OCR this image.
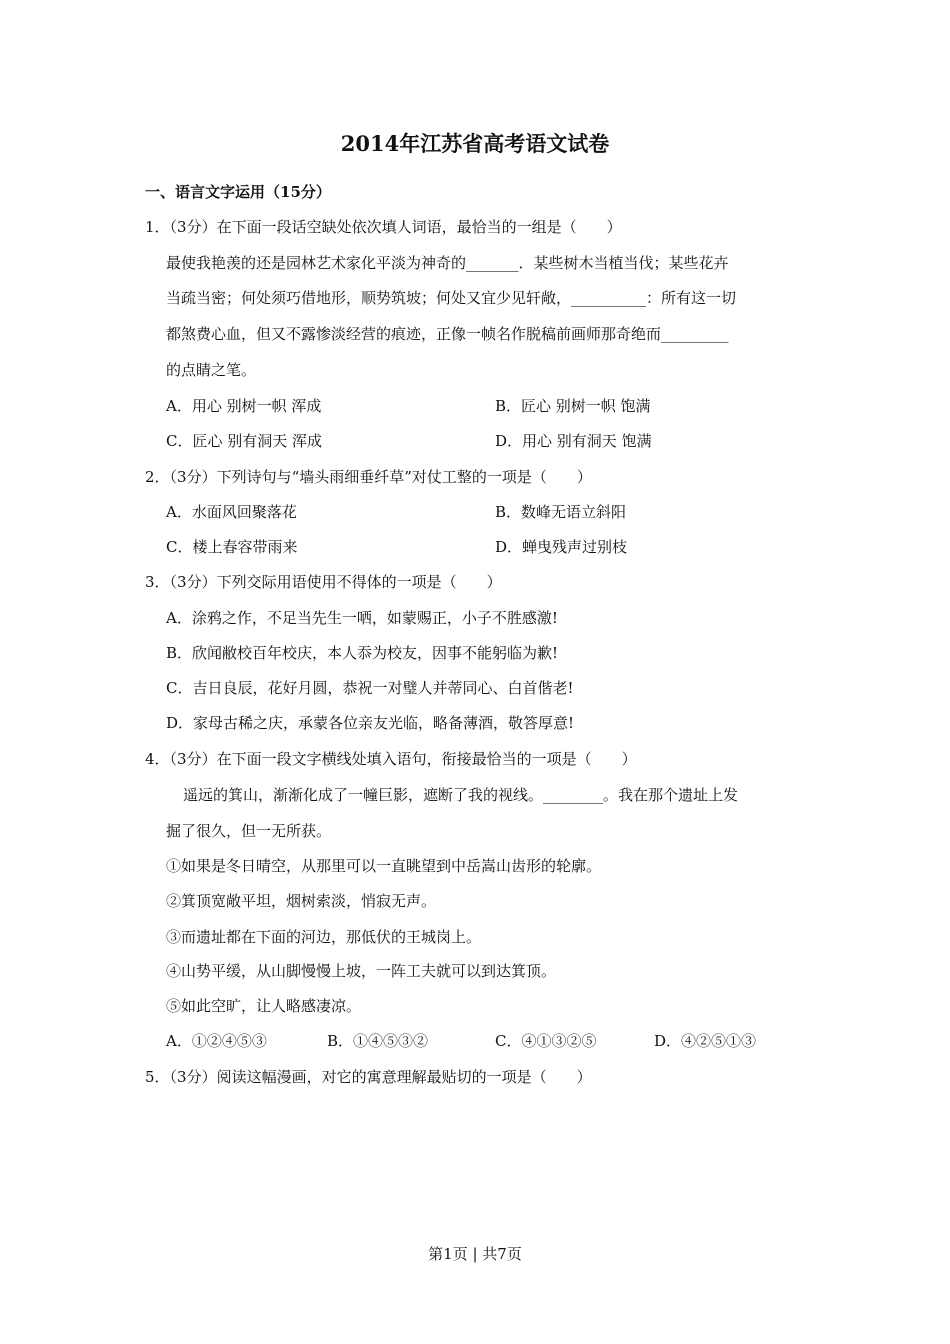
2014年江苏省高考语文试卷
一、语言文字运用（15分）
1．（3分）在下面一段话空缺处依次填人词语，最恰当的一组是（　　）
最使我艳羡的还是园林艺术家化平淡为神奇的_______．某些树木当植当伐；某些花卉
当疏当密；何处须巧借地形，顺势筑坡；何处又宜少见轩敞，__________：所有这一切
都煞费心血，但又不露惨淡经营的痕迹，正像一帧名作脱稿前画师那奇绝而_________
的点睛之笔。
A．用心 别树一帜 浑成	B．匠心 别树一帜 饱满
C．匠心 别有洞天 浑成	D．用心 别有洞天 饱满
2．（3分）下列诗句与“墙头雨细垂纤草”对仗工整的一项是（　　）
A．水面风回聚落花	B．数峰无语立斜阳
C．楼上春容带雨来	D．蝉曳残声过别枝
3．（3分）下列交际用语使用不得体的一项是（　　）
A．涂鸦之作，不足当先生一哂，如蒙赐正，小子不胜感激!
B．欣闻敝校百年校庆，本人忝为校友，因事不能躬临为歉!
C．吉日良辰，花好月圆，恭祝一对璧人并蒂同心、白首偕老!
D．家母古稀之庆，承蒙各位亲友光临，略备薄酒，敬答厚意!
4．（3分）在下面一段文字横线处填入语句，衔接最恰当的一项是（　　）
遥远的箕山，渐渐化成了一幢巨影，遮断了我的视线。________。我在那个遗址上发
掘了很久，但一无所获。
①如果是冬日晴空，从那里可以一直眺望到中岳嵩山齿形的轮廓。
②箕顶宽敞平坦，烟树索淡，悄寂无声。
③而遗址都在下面的河边，那低伏的王城岗上。
④山势平缓，从山脚慢慢上坡，一阵工夫就可以到达箕顶。
⑤如此空旷，让人略感凄凉。
A．①②④⑤③	B．①④⑤③②	C．④①③②⑤	D．④②⑤①③
5．（3分）阅读这幅漫画，对它的寓意理解最贴切的一项是（　　）
第1页 | 共7页
